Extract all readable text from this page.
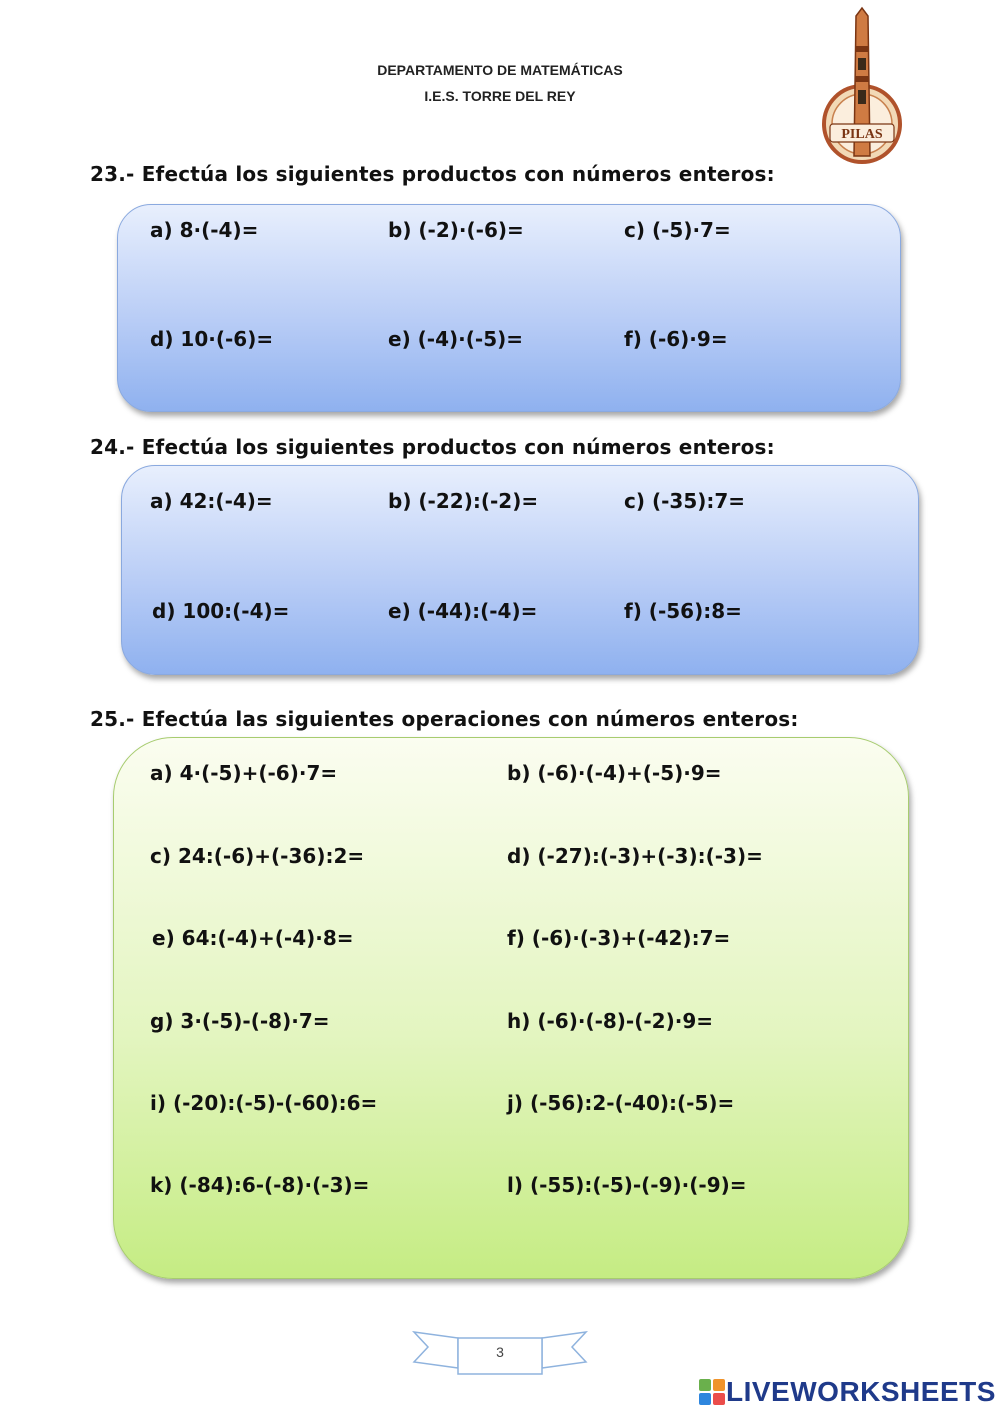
DEPARTAMENTO DE MATEMÁTICAS
I.E.S. TORRE DEL REY
PILAS
23.- Efectúa los siguientes productos con números enteros:
a) 8·(-4)=	b) (-2)·(-6)=	c) (-5)·7=
d) 10·(-6)=	e) (-4)·(-5)=	f) (-6)·9=
24.- Efectúa los siguientes productos con números enteros:
a) 42:(-4)=	b) (-22):(-2)=	c) (-35):7=
d) 100:(-4)=	e) (-44):(-4)=	f) (-56):8=
25.- Efectúa las siguientes operaciones con números enteros:
a) 4·(-5)+(-6)·7=	b) (-6)·(-4)+(-5)·9=
c) 24:(-6)+(-36):2=	d) (-27):(-3)+(-3):(-3)=
e) 64:(-4)+(-4)·8=	f) (-6)·(-3)+(-42):7=
g) 3·(-5)-(-8)·7=	h) (-6)·(-8)-(-2)·9=
i) (-20):(-5)-(-60):6=	j) (-56):2-(-40):(-5)=
k) (-84):6-(-8)·(-3)=	l) (-55):(-5)-(-9)·(-9)=
3
LIVEWORKSHEETS
